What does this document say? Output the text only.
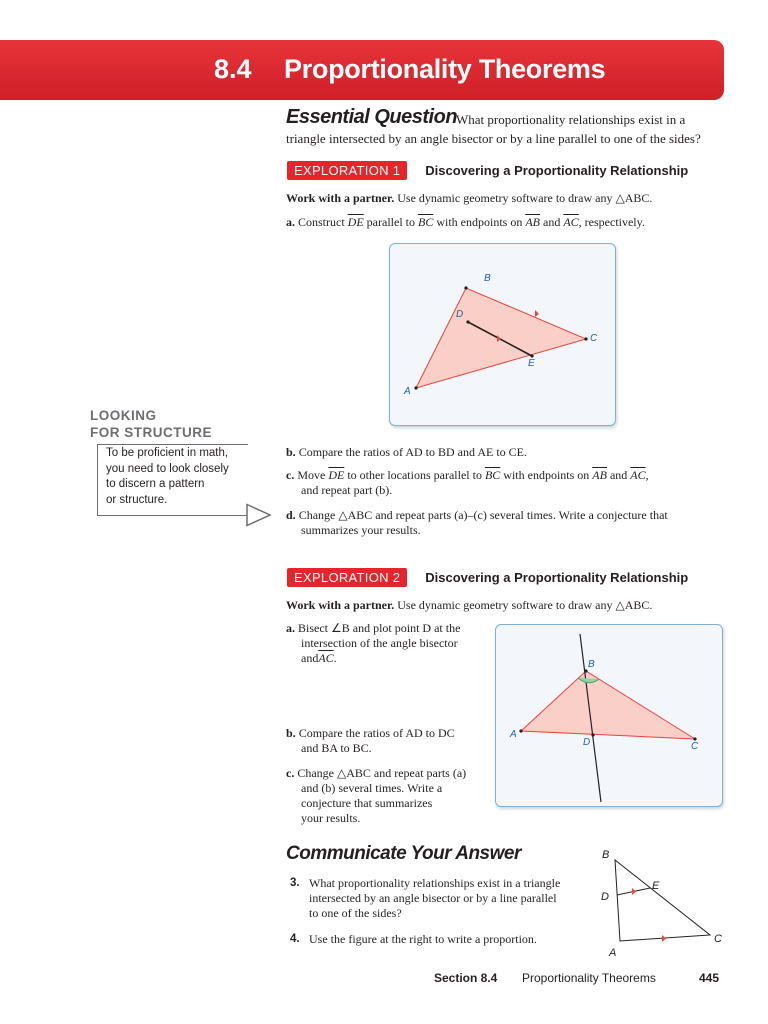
8.4 Proportionality Theorems
Essential Question
What proportionality relationships exist in a
triangle intersected by an angle bisector or by a line parallel to one of the sides?
EXPLORATION 1 Discovering a Proportionality Relationship
Work with a partner. Use dynamic geometry software to draw any △ABC.
a. Construct $\overline{DE}$ parallel to $\overline{BC}$ with endpoints on $\overline{AB}$ and $\overline{AC}$, respectively.
A
B
C
D
E
LOOKING
FOR STRUCTURE
To be proficient in math,
you need to look closely
to discern a pattern
or structure.
b. Compare the ratios of AD to BD and AE to CE.
c. Move $\overline{DE}$ to other locations parallel to $\overline{BC}$ with endpoints on $\overline{AB}$ and $\overline{AC}$,
and repeat part (b).
d. Change △ABC and repeat parts (a)–(c) several times. Write a conjecture that
summarizes your results.
EXPLORATION 2 Discovering a Proportionality Relationship
Work with a partner. Use dynamic geometry software to draw any △ABC.
a. Bisect ∠B and plot point D at the
intersection of the angle bisector
$and\overline{AC}$.
b. Compare the ratios of AD to DC
and BA to BC.
c. Change △ABC and repeat parts (a)
and (b) several times. Write a
conjecture that summarizes
your results.
A
B
C
D
Communicate Your Answer
3. What proportionality relationships exist in a triangle
intersected by an angle bisector or by a line parallel
to one of the sides?
4. Use the figure at the right to write a proportion.
A
B
C
D
E
Section 8.4 Proportionality Theorems	445
